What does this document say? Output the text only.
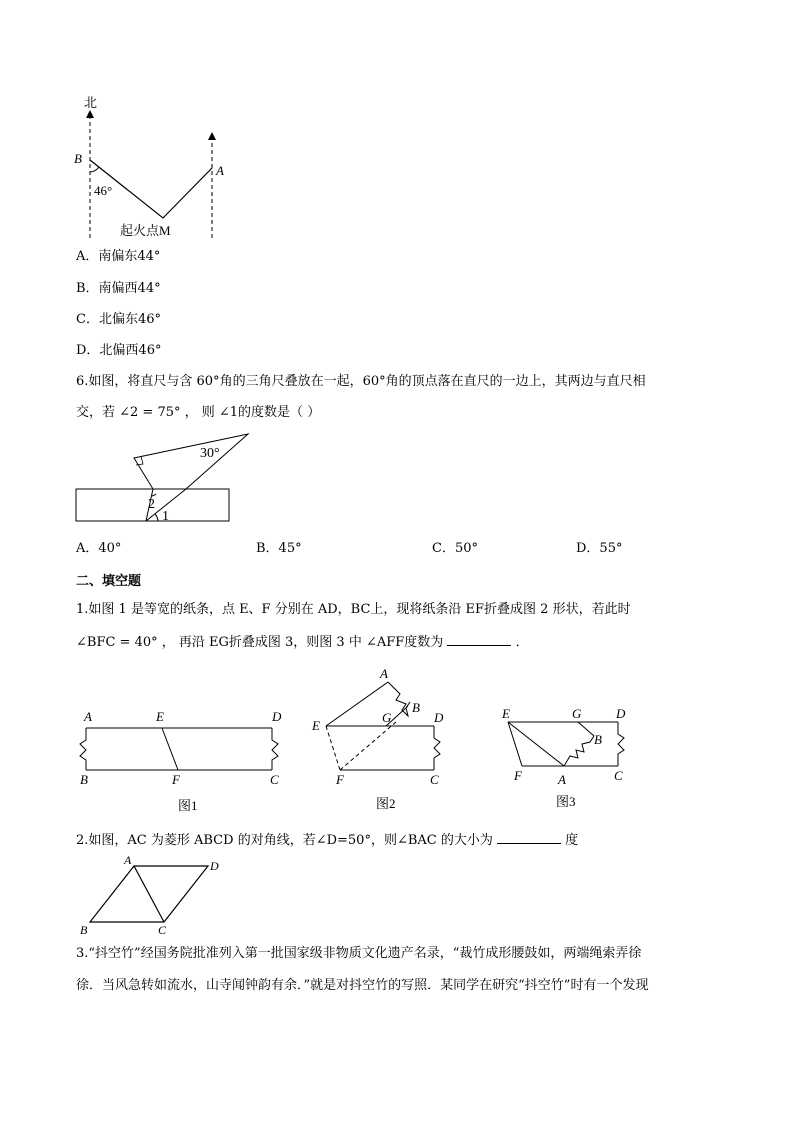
北
B
A
46°
起火点M
A．南偏东44°
B．南偏西44°
C．北偏东46°
D．北偏西46°
6.如图，将直尺与含 60°角的三角尺叠放在一起，60°角的顶点落在直尺的一边上，其两边与直尺相
交，若 ∠2 = 75° ， 则 ∠1的度数是（ ）
30°
2
1
A．40°	B．45°	C．50°	D．55°
二、填空题
1.如图 1 是等宽的纸条，点 E、F 分别在 AD，BC上，现将纸条沿 EF折叠成图 2 形状，若此时
∠BFC = 40° ， 再沿 EG折叠成图 3，则图 3 中 ∠AFF度数为	．
A	E	D
B	F	C
图1
A
B
E
G	D
F	C
图2
E	G	D
B
F	A	C
图3
2.如图，AC 为菱形 ABCD 的对角线，若∠D=50°，则∠BAC 的大小为	度
A	D
B	C
3.“抖空竹”经国务院批准列入第一批国家级非物质文化遗产名录，“裁竹成形腰鼓如，两端绳索弄徐
徐．当风急转如流水，山寺闻钟韵有余．”就是对抖空竹的写照．某同学在研究“抖空竹”时有一个发现
